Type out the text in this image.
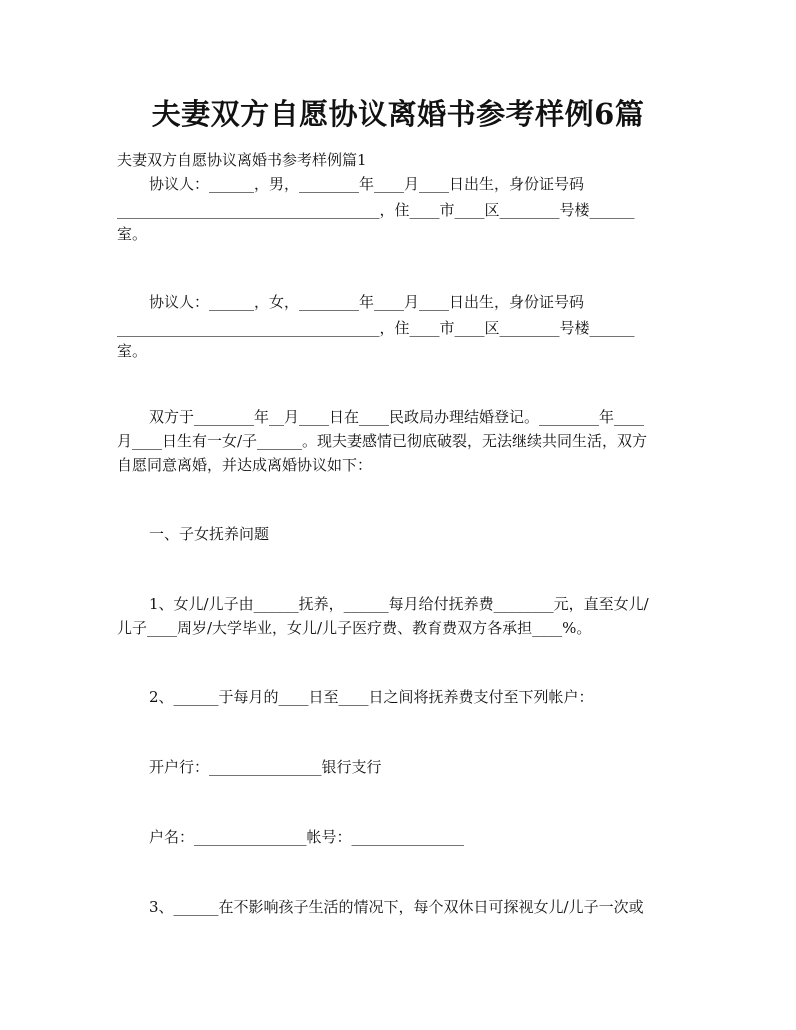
夫妻双方自愿协议离婚书参考样例6篇
夫妻双方自愿协议离婚书参考样例篇1
协议人：______，男，________年____月____日出生，身份证号码
___________________________________，住____市____区________号楼______
室。
协议人：______，女，________年____月____日出生，身份证号码
___________________________________，住____市____区________号楼______
室。
双方于________年__月____日在____民政局办理结婚登记。________年____
月____日生有一女/子______。现夫妻感情已彻底破裂，无法继续共同生活，双方
自愿同意离婚，并达成离婚协议如下：
一、子女抚养问题
1、女儿/儿子由______抚养，______每月给付抚养费________元，直至女儿/
儿子____周岁/大学毕业，女儿/儿子医疗费、教育费双方各承担____%。
2、______于每月的____日至____日之间将抚养费支付至下列帐户：
开户行：_______________银行支行
户名：_______________帐号：_______________
3、______在不影响孩子生活的情况下，每个双休日可探视女儿/儿子一次或
